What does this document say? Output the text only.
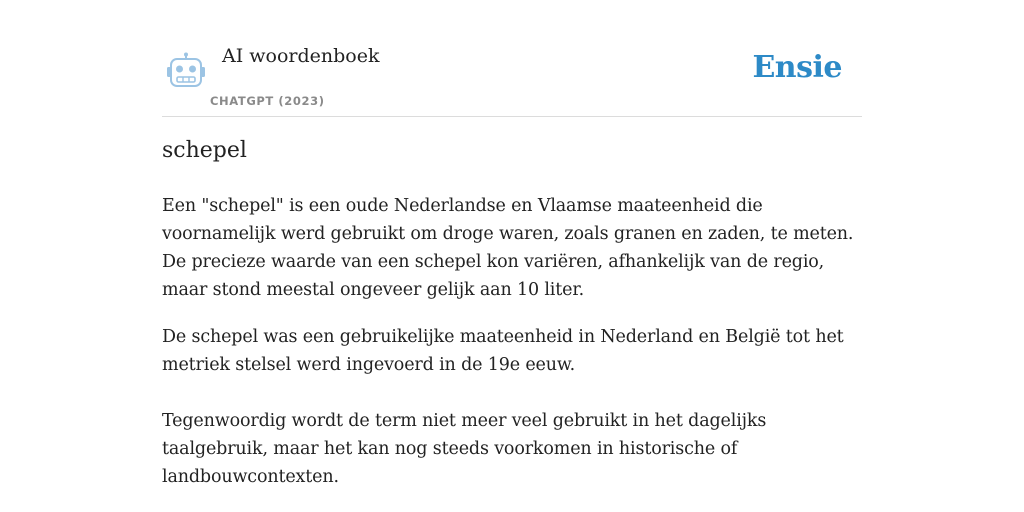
AI woordenboek
CHATGPT (2023)
Ensie
schepel

Een "schepel" is een oude Nederlandse en Vlaamse maateenheid die voornamelijk werd gebruikt om droge waren, zoals granen en zaden, te meten. De precieze waarde van een schepel kon variëren, afhankelijk van de regio, maar stond meestal ongeveer gelijk aan 10 liter.

De schepel was een gebruikelijke maateenheid in Nederland en België tot het metriek stelsel werd ingevoerd in de 19e eeuw.

Tegenwoordig wordt de term niet meer veel gebruikt in het dagelijks taalgebruik, maar het kan nog steeds voorkomen in historische of landbouwcontexten.
